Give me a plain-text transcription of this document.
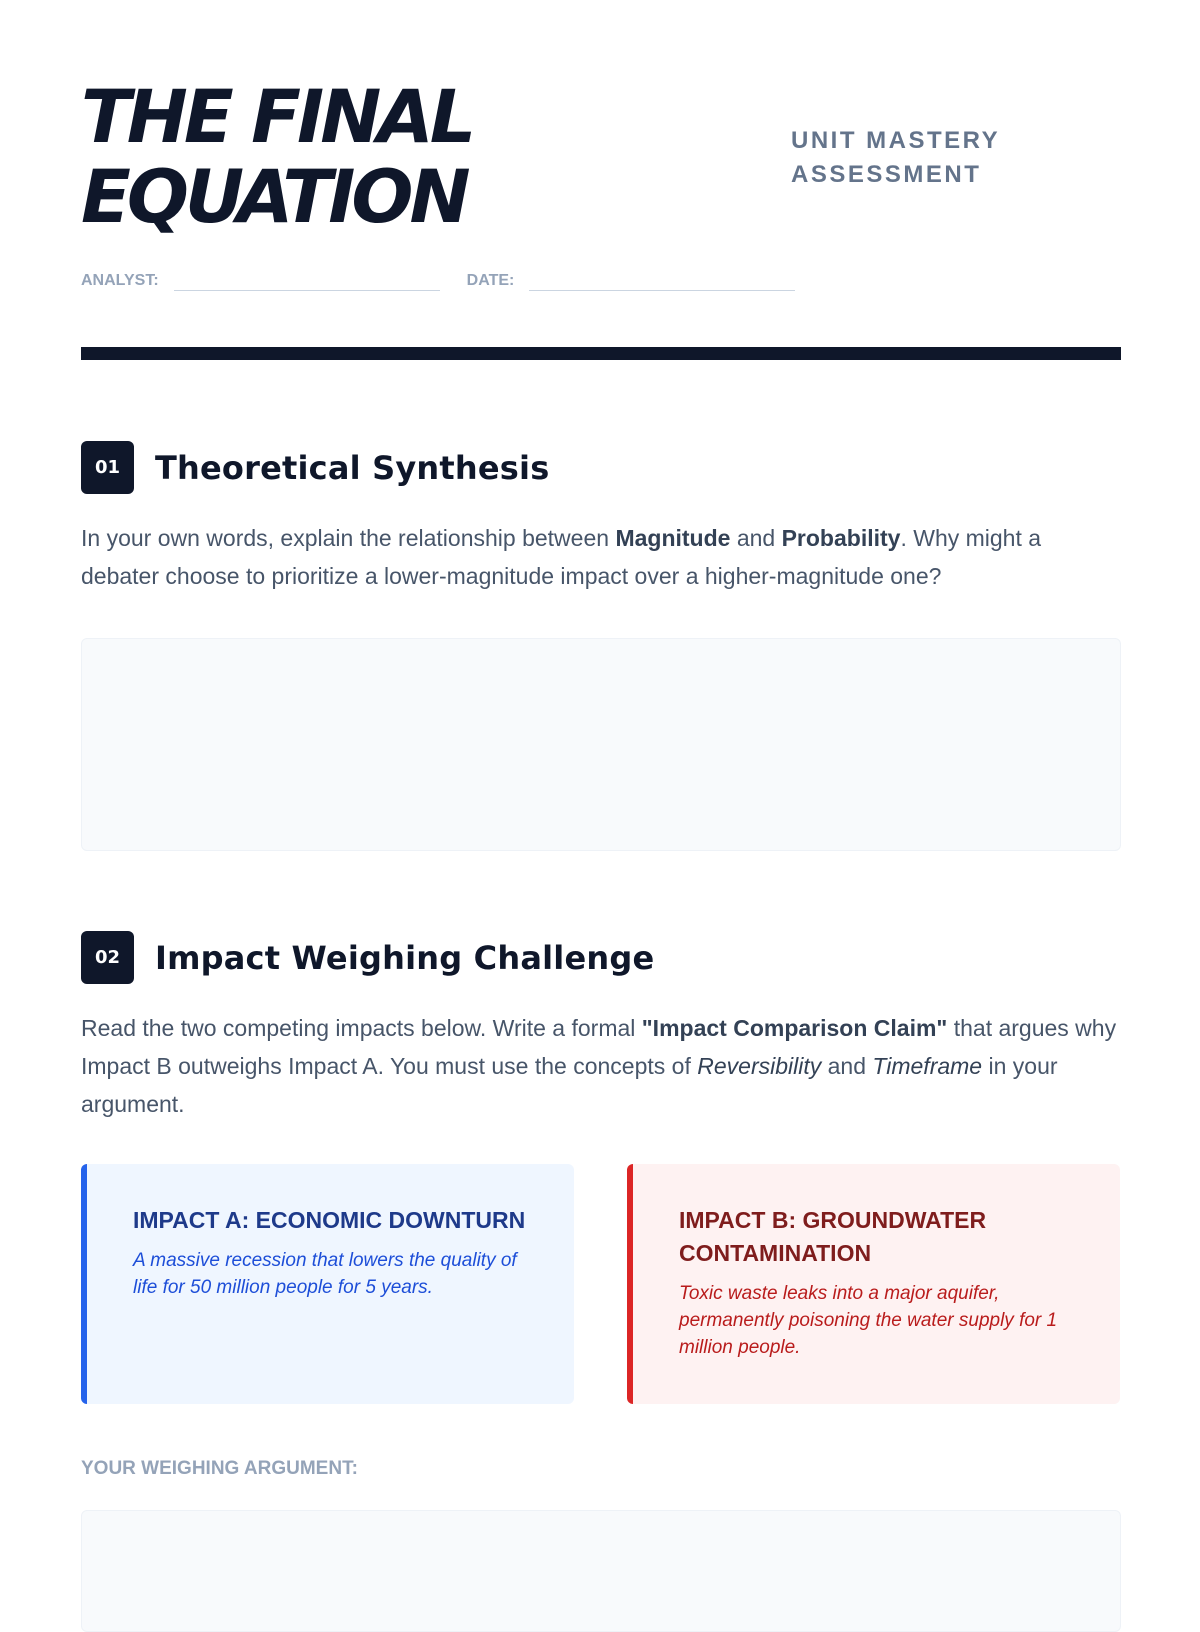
THE FINAL
EQUATION
UNIT MASTERY
ASSESSMENT
ANALYST:	DATE:
01	Theoretical Synthesis

In your own words, explain the relationship between Magnitude and Probability. Why might a debater choose to prioritize a lower-magnitude impact over a higher-magnitude one?

02	Impact Weighing Challenge

Read the two competing impacts below. Write a formal "Impact Comparison Claim" that argues why Impact B outweighs Impact A. You must use the concepts of Reversibility and Timeframe in your argument.

IMPACT A: ECONOMIC DOWNTURN

A massive recession that lowers the quality of life for 50 million people for 5 years.

IMPACT B: GROUNDWATER CONTAMINATION

Toxic waste leaks into a major aquifer, permanently poisoning the water supply for 1 million people.

YOUR WEIGHING ARGUMENT:
